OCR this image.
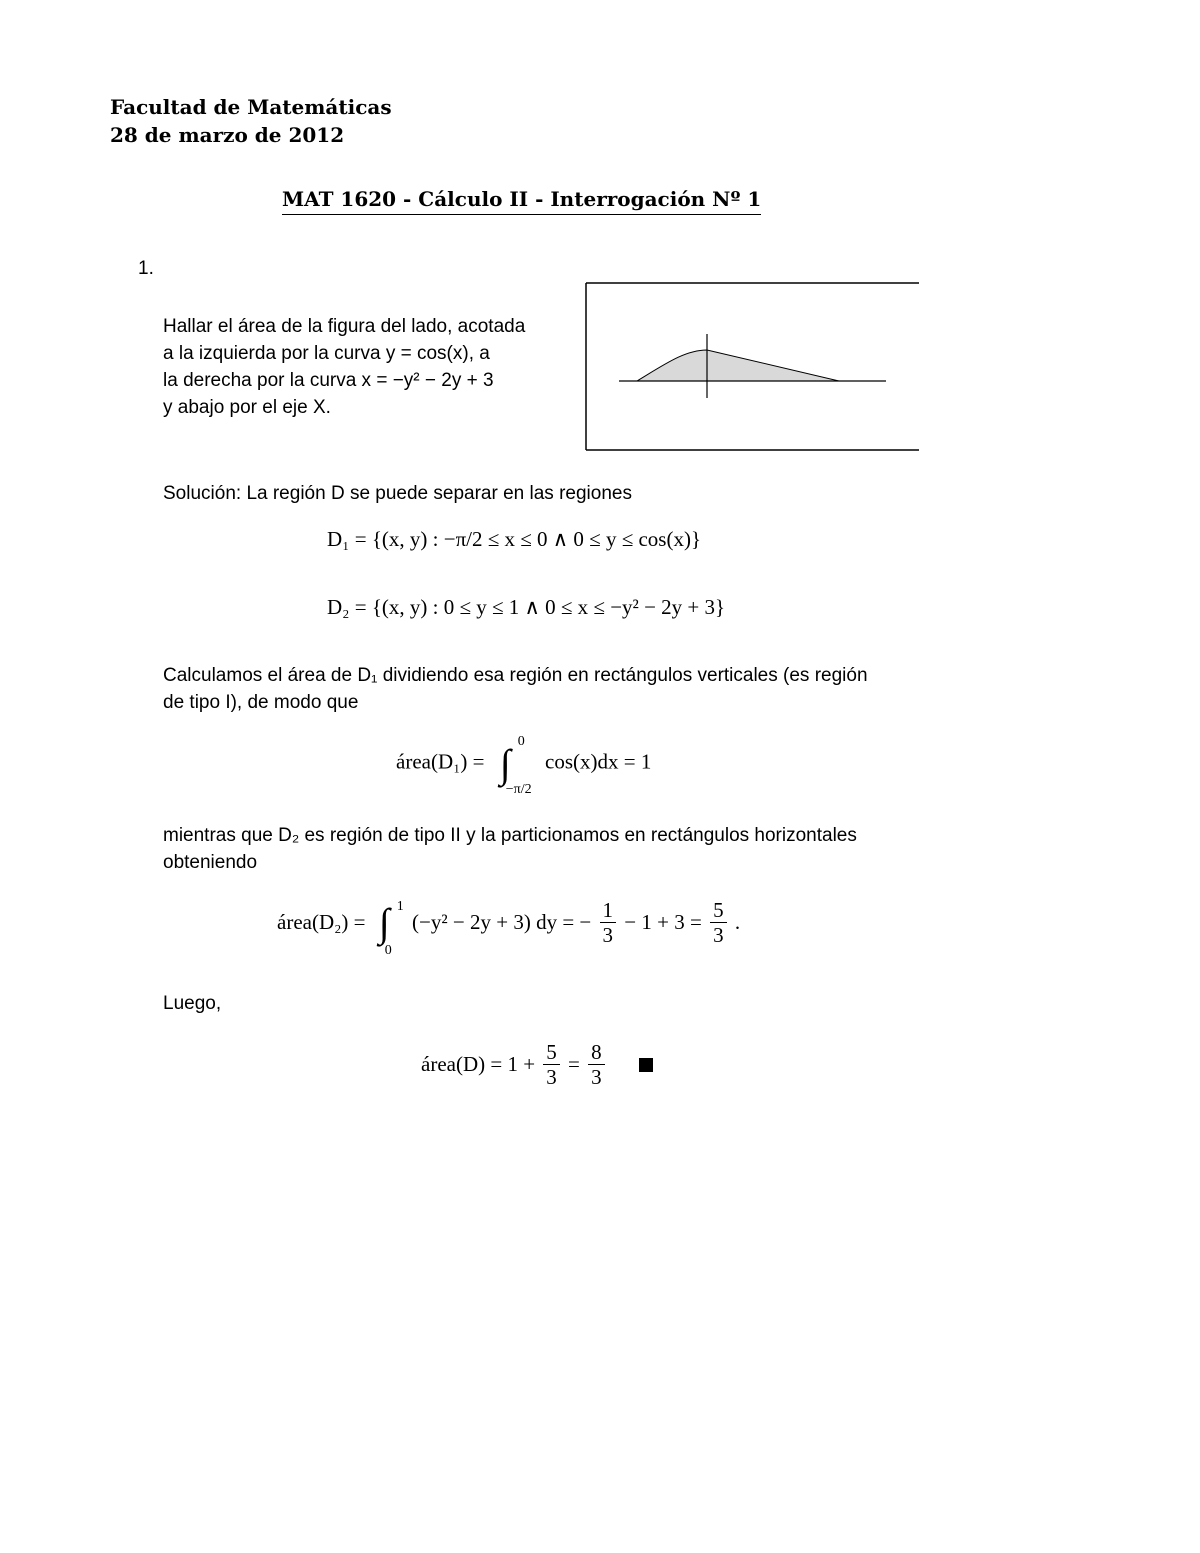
Facultad de Matemáticas
28 de marzo de 2012
MAT 1620 - Cálculo II - Interrogación Nº 1
1.
Hallar el área de la figura del lado, acotada
a la izquierda por la curva y = cos(x), a
la derecha por la curva x = −y² − 2y + 3
y abajo por el eje X.
Solución: La región D se puede separar en las regiones
D₁ = {(x, y) : −π/2 ≤ x ≤ 0 ∧ 0 ≤ y ≤ cos(x)}
D₂ = {(x, y) : 0 ≤ y ≤ 1 ∧ 0 ≤ x ≤ −y² − 2y + 3}
Calculamos el área de D₁ dividiendo esa región en rectángulos verticales (es región
de tipo I), de modo que
área(D₁) = ∫ 0
−π/2
cos(x)dx = 1
mientras que D₂ es región de tipo II y la particionamos en rectángulos horizontales
obteniendo
área(D₂) = ∫ 1
0
(−y² − 2y + 3) dy = − $\frac{1}{3} - 1 + 3 = \frac{5}{3}$ .
Luego,
área(D) = $1 + \frac{5}{3} = \frac{8}{3}$
